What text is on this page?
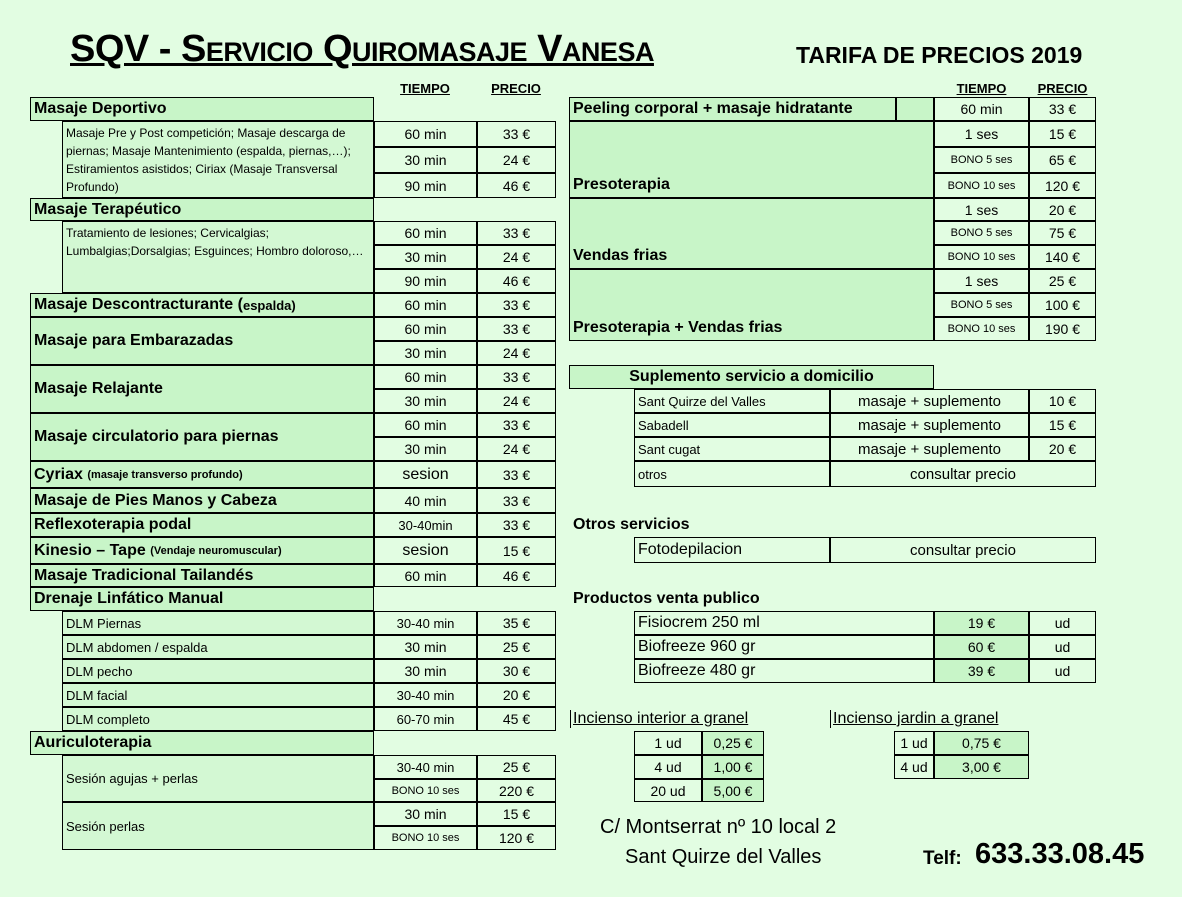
SQV - Servicio Quiromasaje Vanesa	TARIFA DE PRECIOS 2019
TIEMPO	PRECIO
Masaje Deportivo
Masaje Pre y Post competición; Masaje descarga de piernas; Masaje Mantenimiento (espalda, piernas,…); Estiramientos asistidos; Ciriax (Masaje Transversal Profundo)
60 min	33 €
30 min	24 €
90 min	46 €
Masaje Terapéutico
Tratamiento de lesiones; Cervicalgias; Lumbalgias;Dorsalgias; Esguinces; Hombro doloroso,…
60 min	33 €
30 min	24 €
90 min	46 €
Masaje Descontracturante ( espalda)	60 min	33 €
Masaje para Embarazadas
60 min	33 €
30 min	24 €
Masaje Relajante
60 min	33 €
30 min	24 €
Masaje circulatorio para piernas
60 min	33 €
30 min	24 €
Cyriax
(masaje transverso profundo)	sesion	33 €
Masaje de Pies Manos y Cabeza	40 min	33 €
Reflexoterapia podal	30-40min	33 €
Kinesio – Tape
(Vendaje neuromuscular)	sesion	15 €
Masaje Tradicional Tailandés	60 min	46 €
Drenaje Linfático Manual
DLM Piernas	30-40 min	35 €
DLM abdomen / espalda	30 min	25 €
DLM pecho	30 min	30 €
DLM facial	30-40 min	20 €
DLM completo	60-70 min	45 €
Auriculoterapia
Sesión agujas + perlas
30-40 min	25 €
BONO 10 ses	220 €
Sesión perlas
30 min	15 €
BONO 10 ses	120 €
TIEMPO	PRECIO
Peeling corporal + masaje hidratante	60 min	33 €
Presoterapia
1 ses	15 €
BONO 5 ses	65 €
BONO 10 ses	120 €
Vendas frias
1 ses	20 €
BONO 5 ses	75 €
BONO 10 ses	140 €
Presoterapia + Vendas frias
1 ses	25 €
BONO 5 ses	100 €
BONO 10 ses	190 €
Suplemento servicio a domicilio
Sant Quirze del Valles	masaje + suplemento	10 €
Sabadell	masaje + suplemento	15 €
Sant cugat	masaje + suplemento	20 €
otros	consultar precio
Otros servicios
Fotodepilacion	consultar precio
Productos venta publico
Fisiocrem 250 ml	19 €	ud
Biofreeze 960 gr	60 €	ud
Biofreeze 480 gr	39 €	ud
Incienso interior a granel
1 ud	0,25 €
4 ud	1,00 €
20 ud	5,00 €
Incienso jardin a granel
1 ud	0,75 €
4 ud	3,00 €
C/ Montserrat nº 10 local 2
Sant Quirze del Valles	Telf: 633.33.08.45
